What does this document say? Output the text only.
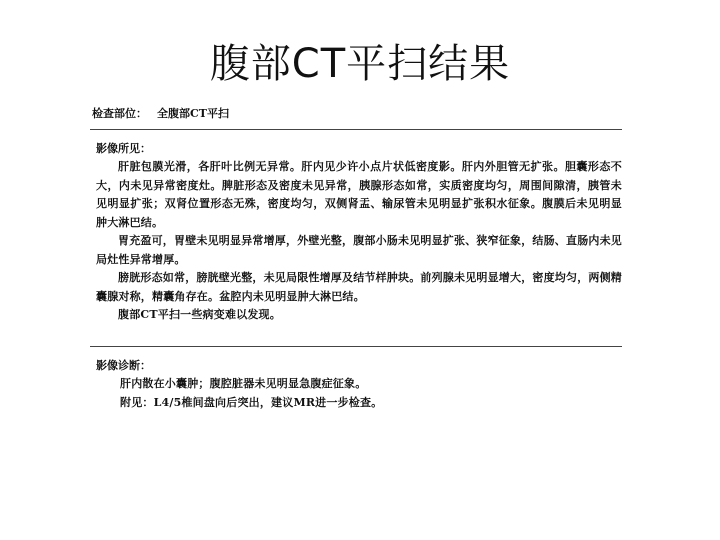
腹部CT平扫结果
检查部位： 全腹部CT平扫
影像所见：

肝脏包膜光滑，各肝叶比例无异常。肝内见少许小点片状低密度影。肝内外胆管无扩张。胆囊形态不大，内未见异常密度灶。脾脏形态及密度未见异常，胰腺形态如常，实质密度均匀，周围间隙清，胰管未见明显扩张；双肾位置形态无殊，密度均匀，双侧肾盂、输尿管未见明显扩张积水征象。腹膜后未见明显肿大淋巴结。

胃充盈可，胃壁未见明显异常增厚，外壁光整，腹部小肠未见明显扩张、狭窄征象，结肠、直肠内未见局灶性异常增厚。

膀胱形态如常，膀胱壁光整，未见局限性增厚及结节样肿块。前列腺未见明显增大，密度均匀，两侧精囊腺对称，精囊角存在。盆腔内未见明显肿大淋巴结。

腹部CT平扫一些病变难以发现。

影像诊断：

肝内散在小囊肿；腹腔脏器未见明显急腹症征象。

附见：L4/5椎间盘向后突出，建议MR进一步检查。
